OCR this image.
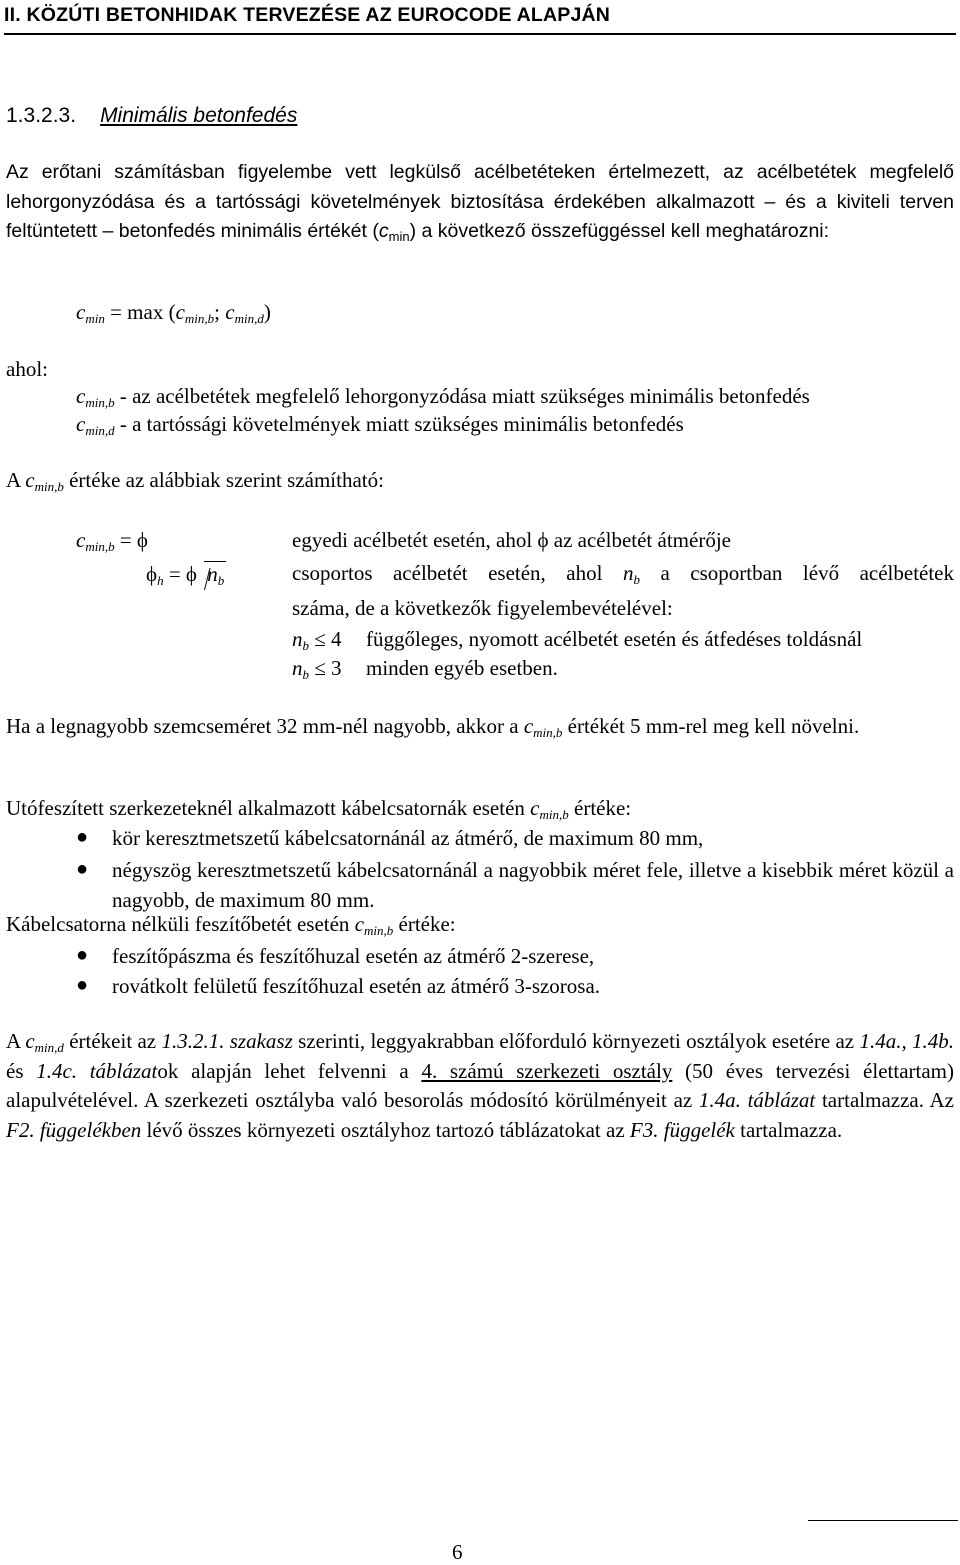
II. KÖZÚTI BETONHIDAK TERVEZÉSE AZ EUROCODE ALAPJÁN
1.3.2.3. Minimális betonfedés
Az erőtani számításban figyelembe vett legkülső acélbetéteken értelmezett, az acélbetétek megfelelő lehorgonyzódása és a tartóssági követelmények biztosítása érdekében alkalmazott – és a kiviteli terven feltüntetett – betonfedés minimális értékét $(c_{min})$ a következő összefüggéssel kell meghatározni:
$c_{min} = \max (c_{min,b}$; $c_{min,d}$)
ahol:
$c_{min,b}$ - az acélbetétek megfelelő lehorgonyzódása miatt szükséges minimális betonfedés
$c_{min,d}$ - a tartóssági követelmények miatt szükséges minimális betonfedés
A $c_{min,b}$ értéke az alábbiak szerint számítható:
$c_{min,b} = \phi$	egyedi acélbetét esetén, ahol ϕ az acélbetét átmérője
$\phi_h = \phi$ $n_b$	csoportos acélbetét esetén, ahol $n_b$ a csoportban lévő acélbetétek
száma, de a következők figyelembevételével:
$n_b \le 4$ függőleges, nyomott acélbetét esetén és átfedéses toldásnál
$n_b \le 3$ minden egyéb esetben.
Ha a legnagyobb szemcseméret 32 mm-nél nagyobb, akkor a $c_{min,b}$ értékét 5 mm-rel meg kell növelni.
Utófeszített szerkezeteknél alkalmazott kábelcsatornák esetén $c_{min,b}$ értéke:
● kör keresztmetszetű kábelcsatornánál az átmérő, de maximum 80 mm,
● négyszög keresztmetszetű kábelcsatornánál a nagyobbik méret fele, illetve a kisebbik méret közül a nagyobb, de maximum 80 mm.
Kábelcsatorna nélküli feszítőbetét esetén $c_{min,b}$ értéke:
● feszítőpászma és feszítőhuzal esetén az átmérő 2-szerese,
● rovátkolt felületű feszítőhuzal esetén az átmérő 3-szorosa.
A $c_{min,d}$ értékeit az 1.3.2.1. szakasz szerinti, leggyakrabban előforduló környezeti osztályok esetére az 1.4a., 1.4b. és 1.4c. táblázatok alapján lehet felvenni a 4. számú szerkezeti osztály (50 éves tervezési élettartam) alapulvételével. A szerkezeti osztályba való besorolás módosító körülményeit az 1.4a. táblázat tartalmazza. Az F2. függelékben lévő összes környezeti osztályhoz tartozó táblázatokat az F3. függelék tartalmazza.
6
